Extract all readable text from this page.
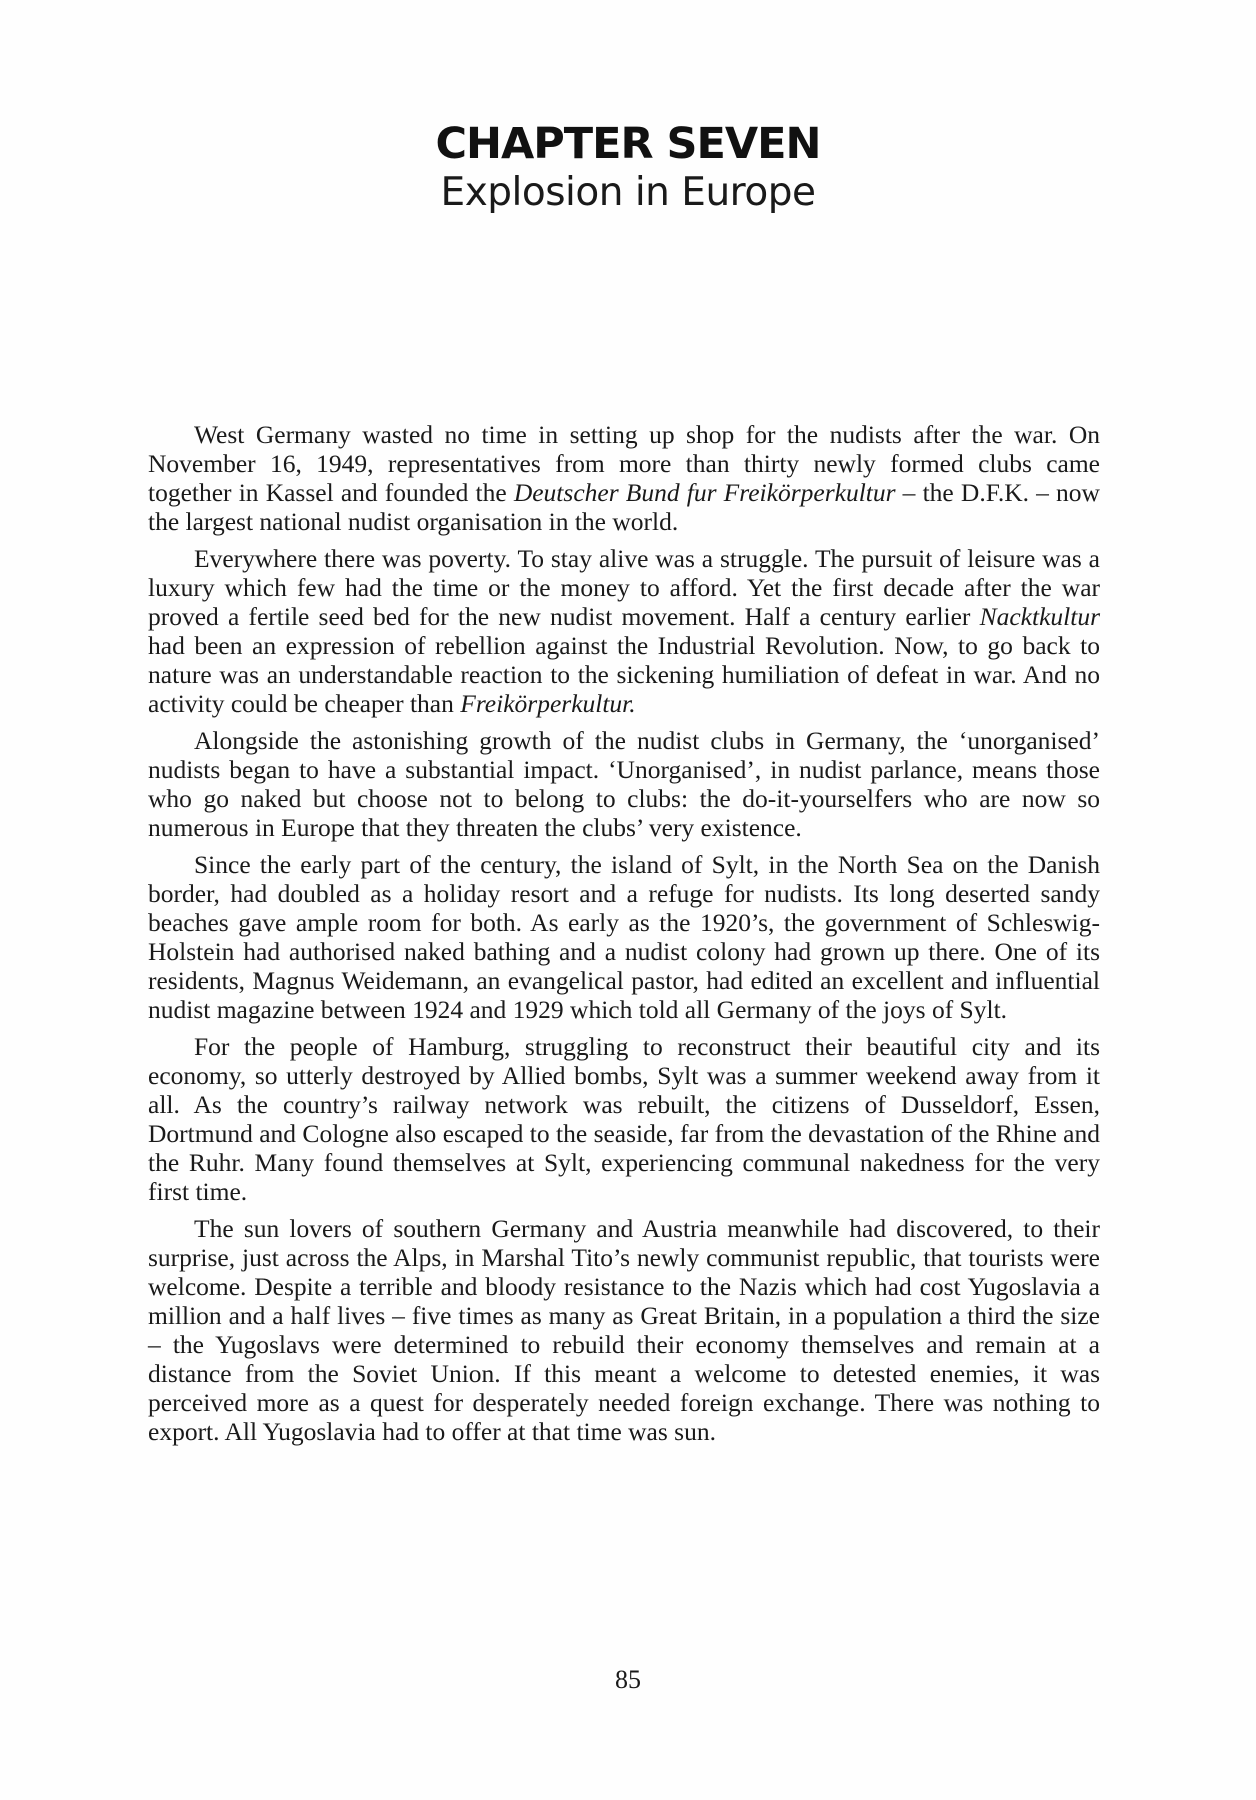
CHAPTER SEVEN
Explosion in Europe

West Germany wasted no time in setting up shop for the nudists after the war. On November 16, 1949, representatives from more than thirty newly formed clubs came together in Kassel and founded the Deutscher Bund fur Freikörperkultur – the D.F.K. – now the largest national nudist organisation in the world.

Everywhere there was poverty. To stay alive was a struggle. The pursuit of leisure was a luxury which few had the time or the money to afford. Yet the first decade after the war proved a fertile seed bed for the new nudist movement. Half a century earlier Nacktkultur had been an expression of rebellion against the Industrial Revolution. Now, to go back to nature was an understandable reaction to the sickening humiliation of defeat in war. And no activity could be cheaper than Freikörperkultur.

Alongside the astonishing growth of the nudist clubs in Germany, the ‘unorganised’ nudists began to have a substantial impact. ‘Unorganised’, in nudist parlance, means those who go naked but choose not to belong to clubs: the do-it-yourselfers who are now so numerous in Europe that they threaten the clubs’ very existence.

Since the early part of the century, the island of Sylt, in the North Sea on the Danish border, had doubled as a holiday resort and a refuge for nudists. Its long deserted sandy beaches gave ample room for both. As early as the 1920’s, the government of Schleswig-Holstein had authorised naked bathing and a nudist colony had grown up there. One of its residents, Magnus Weidemann, an evangelical pastor, had edited an excellent and influential nudist magazine between 1924 and 1929 which told all Germany of the joys of Sylt.

For the people of Hamburg, struggling to reconstruct their beautiful city and its economy, so utterly destroyed by Allied bombs, Sylt was a summer weekend away from it all. As the country’s railway network was rebuilt, the citizens of Dusseldorf, Essen, Dortmund and Cologne also escaped to the seaside, far from the devastation of the Rhine and the Ruhr. Many found themselves at Sylt, experiencing communal nakedness for the very first time.

The sun lovers of southern Germany and Austria meanwhile had discovered, to their surprise, just across the Alps, in Marshal Tito’s newly communist republic, that tourists were welcome. Despite a terrible and bloody resistance to the Nazis which had cost Yugoslavia a million and a half lives – five times as many as Great Britain, in a population a third the size – the Yugoslavs were determined to rebuild their economy themselves and remain at a distance from the Soviet Union. If this meant a welcome to detested enemies, it was perceived more as a quest for desperately needed foreign exchange. There was nothing to export. All Yugoslavia had to offer at that time was sun.

85
